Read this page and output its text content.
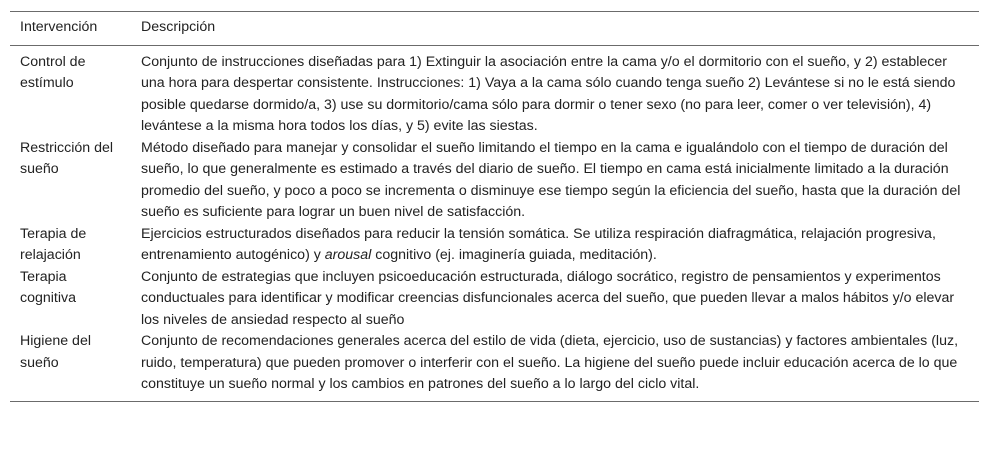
Intervención	Descripción
Control de estímulo	Conjunto de instrucciones diseñadas para 1) Extinguir la asociación entre la cama y/o el dormitorio con el sueño, y 2) establecer una hora para despertar consistente. Instrucciones: 1) Vaya a la cama sólo cuando tenga sueño 2) Levántese si no le está siendo posible quedarse dormido/a, 3) use su dormitorio/cama sólo para dormir o tener sexo (no para leer, comer o ver televisión), 4) levántese a la misma hora todos los días, y 5) evite las siestas.
Restricción del sueño	Método diseñado para manejar y consolidar el sueño limitando el tiempo en la cama e igualándolo con el tiempo de duración del sueño, lo que generalmente es estimado a través del diario de sueño. El tiempo en cama está inicialmente limitado a la duración promedio del sueño, y poco a poco se incrementa o disminuye ese tiempo según la eficiencia del sueño, hasta que la duración del sueño es suficiente para lograr un buen nivel de satisfacción.
Terapia de relajación	Ejercicios estructurados diseñados para reducir la tensión somática. Se utiliza respiración diafragmática, relajación progresiva, entrenamiento autogénico) y arousal cognitivo (ej. imaginería guiada, meditación).
Terapia cognitiva	Conjunto de estrategias que incluyen psicoeducación estructurada, diálogo socrático, registro de pensamientos y experimentos conductuales para identificar y modificar creencias disfuncionales acerca del sueño, que pueden llevar a malos hábitos y/o elevar los niveles de ansiedad respecto al sueño
Higiene del sueño	Conjunto de recomendaciones generales acerca del estilo de vida (dieta, ejercicio, uso de sustancias) y factores ambientales (luz, ruido, temperatura) que pueden promover o interferir con el sueño. La higiene del sueño puede incluir educación acerca de lo que constituye un sueño normal y los cambios en patrones del sueño a lo largo del ciclo vital.
